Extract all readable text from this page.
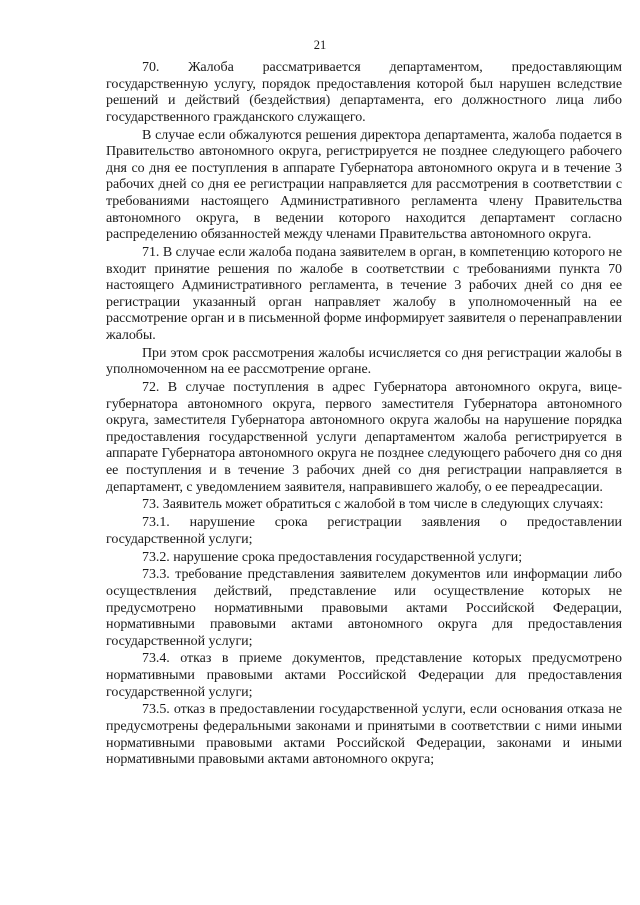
21

70. Жалоба рассматривается департаментом, предоставляющим государственную услугу, порядок предоставления которой был нарушен вследствие решений и действий (бездействия) департамента, его должностного лица либо государственного гражданского служащего.

В случае если обжалуются решения директора департамента, жалоба подается в Правительство автономного округа, регистрируется не позднее следующего рабочего дня со дня ее поступления в аппарате Губернатора автономного округа и в течение 3 рабочих дней со дня ее регистрации направляется для рассмотрения в соответствии с требованиями настоящего Административного регламента члену Правительства автономного округа, в ведении которого находится департамент согласно распределению обязанностей между членами Правительства автономного округа.

71. В случае если жалоба подана заявителем в орган, в компетенцию которого не входит принятие решения по жалобе в соответствии с требованиями пункта 70 настоящего Административного регламента, в течение 3 рабочих дней со дня ее регистрации указанный орган направляет жалобу в уполномоченный на ее рассмотрение орган и в письменной форме информирует заявителя о перенаправлении жалобы.

При этом срок рассмотрения жалобы исчисляется со дня регистрации жалобы в уполномоченном на ее рассмотрение органе.

72. В случае поступления в адрес Губернатора автономного округа, вице-губернатора автономного округа, первого заместителя Губернатора автономного округа, заместителя Губернатора автономного округа жалобы на нарушение порядка предоставления государственной услуги департаментом жалоба регистрируется в аппарате Губернатора автономного округа не позднее следующего рабочего дня со дня ее поступления и в течение 3 рабочих дней со дня регистрации направляется в департамент, с уведомлением заявителя, направившего жалобу, о ее переадресации.

73. Заявитель может обратиться с жалобой в том числе в следующих случаях:

73.1. нарушение срока регистрации заявления о предоставлении государственной услуги;

73.2. нарушение срока предоставления государственной услуги;

73.3. требование представления заявителем документов или информации либо осуществления действий, представление или осуществление которых не предусмотрено нормативными правовыми актами Российской Федерации, нормативными правовыми актами автономного округа для предоставления государственной услуги;

73.4. отказ в приеме документов, представление которых предусмотрено нормативными правовыми актами Российской Федерации для предоставления государственной услуги;

73.5. отказ в предоставлении государственной услуги, если основания отказа не предусмотрены федеральными законами и принятыми в соответствии с ними иными нормативными правовыми актами Российской Федерации, законами и иными нормативными правовыми актами автономного округа;
